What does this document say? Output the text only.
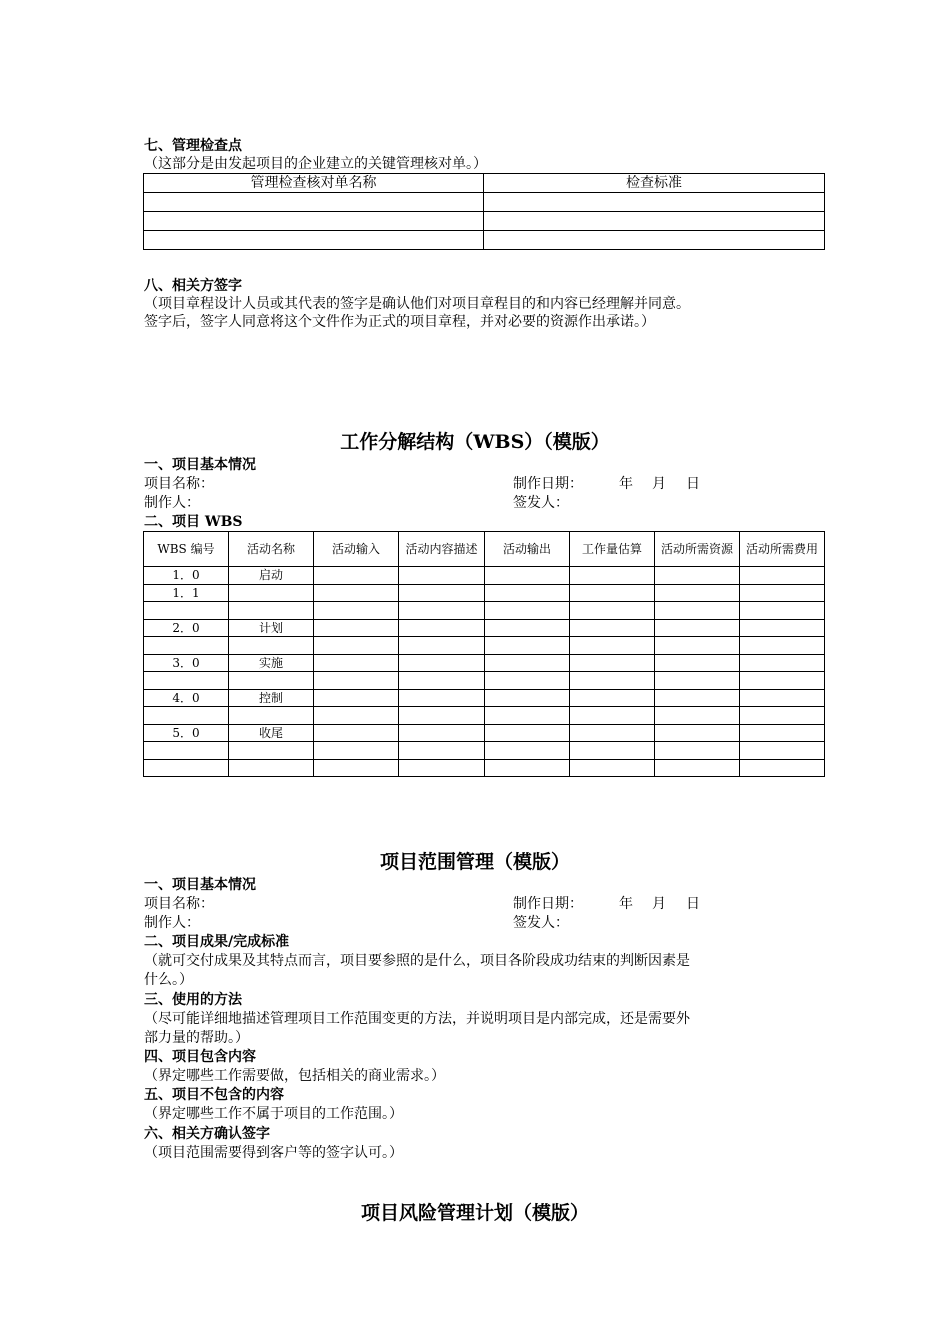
七、管理检查点
（这部分是由发起项目的企业建立的关键管理核对单。）
管理检查核对单名称	检查标准

八、相关方签字
（项目章程设计人员或其代表的签字是确认他们对项目章程目的和内容已经理解并同意。
签字后，签字人同意将这个文件作为正式的项目章程，并对必要的资源作出承诺。）
工作分解结构（WBS）（模版）
一、项目基本情况
项目名称：	制作日期：	年 月 日
制作人：	签发人：
二、项目 WBS
WBS 编号	活动名称	活动输入	活动内容描述	活动输出	工作量估算	活动所需资源	活动所需费用
1．0	启动						
1．1							

2．0	计划						

3．0	实施						

4．0	控制						

5．0	收尾						

项目范围管理（模版）
一、项目基本情况
项目名称：	制作日期：	年 月 日
制作人：	签发人：
二、项目成果/完成标准
（就可交付成果及其特点而言，项目要参照的是什么，项目各阶段成功结束的判断因素是
什么。）
三、使用的方法
（尽可能详细地描述管理项目工作范围变更的方法，并说明项目是内部完成，还是需要外
部力量的帮助。）
四、项目包含内容
（界定哪些工作需要做，包括相关的商业需求。）
五、项目不包含的内容
（界定哪些工作不属于项目的工作范围。）
六、相关方确认签字
（项目范围需要得到客户等的签字认可。）
项目风险管理计划（模版）
